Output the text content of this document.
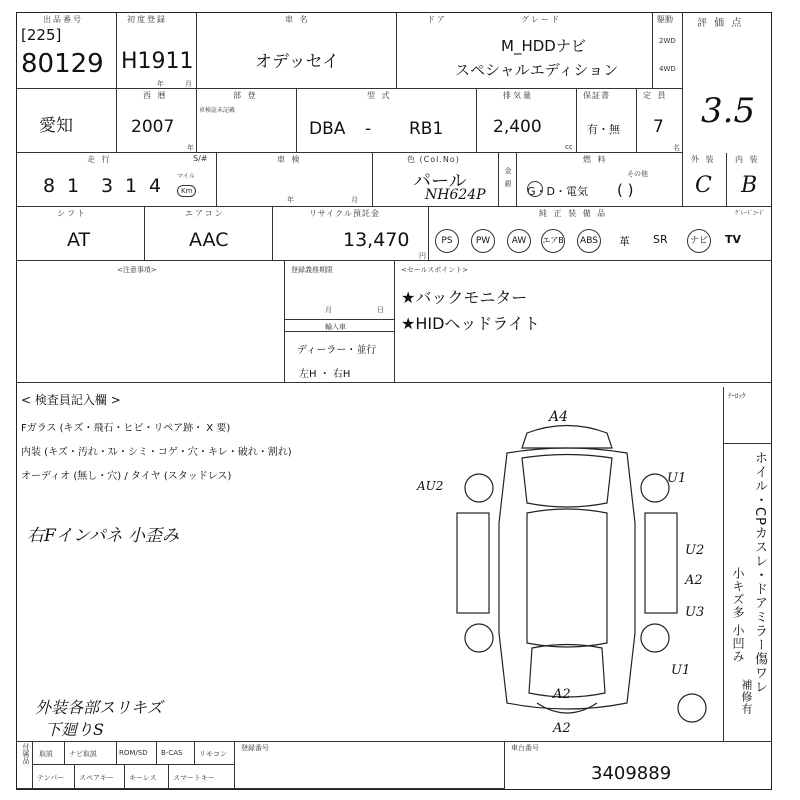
出品番号
[225]
80129
初度登録
H1911
年	月
車 名
オデッセイ
ドア	グレード
M_HDDナビ
スペシャルエディション
駆動
2WD
4WD
評 価 点
3.5
愛知
西 暦
2007
年
部 登
車検証未記載
型 式
DBA - RB1
排気量
2,400
cc
保証書
有・無
定 員
7
名
走 行	S/#
8 1 3 1 4	マイル
Km
車 検
年	月
色 (Col.No)
パール
NH624P
金銀
燃 料
G・D・電気
その他
( )
外 装
C
内 装
B
シフト
AT
エアコン
AAC
リサイクル預託金
13,470
円
純 正 装 備 品	ｸﾞﾚｰﾄﾞｺｰﾄﾞ
PS	PW	AW	エアB	ABS 革 SR	ナビ TV
<注意事項>	登録義務期限
月	日
輸入車
ディーラー・並行
左H ・ 右H
<セールスポイント>
★バックモニター
★HIDヘッドライト
< 検査員記入欄 >
Fガラス (キズ・飛石・ヒビ・リペア跡・ X 要)
内装 (キズ・汚れ・ｽﾚ・シミ・コゲ・穴・キレ・破れ・割れ)
オーディオ (無し・穴) / タイヤ (スタッドレス)
右Fインパネ 小歪み
外装各部スリキズ
下廻りS
A4
AU2	U1
U2
A2
U3
U1
A2
A2
ﾃｰﾛｯｸ
ホイル・CPカスレ・ドアミラー傷ワレ
小キズ多 小凹み
補修有
付属品 取説 ナビ取説	ROM/SD B-CAS リモコン
テンパー スペアキー キーレス スマートキー
登録番号	車台番号
3409889
